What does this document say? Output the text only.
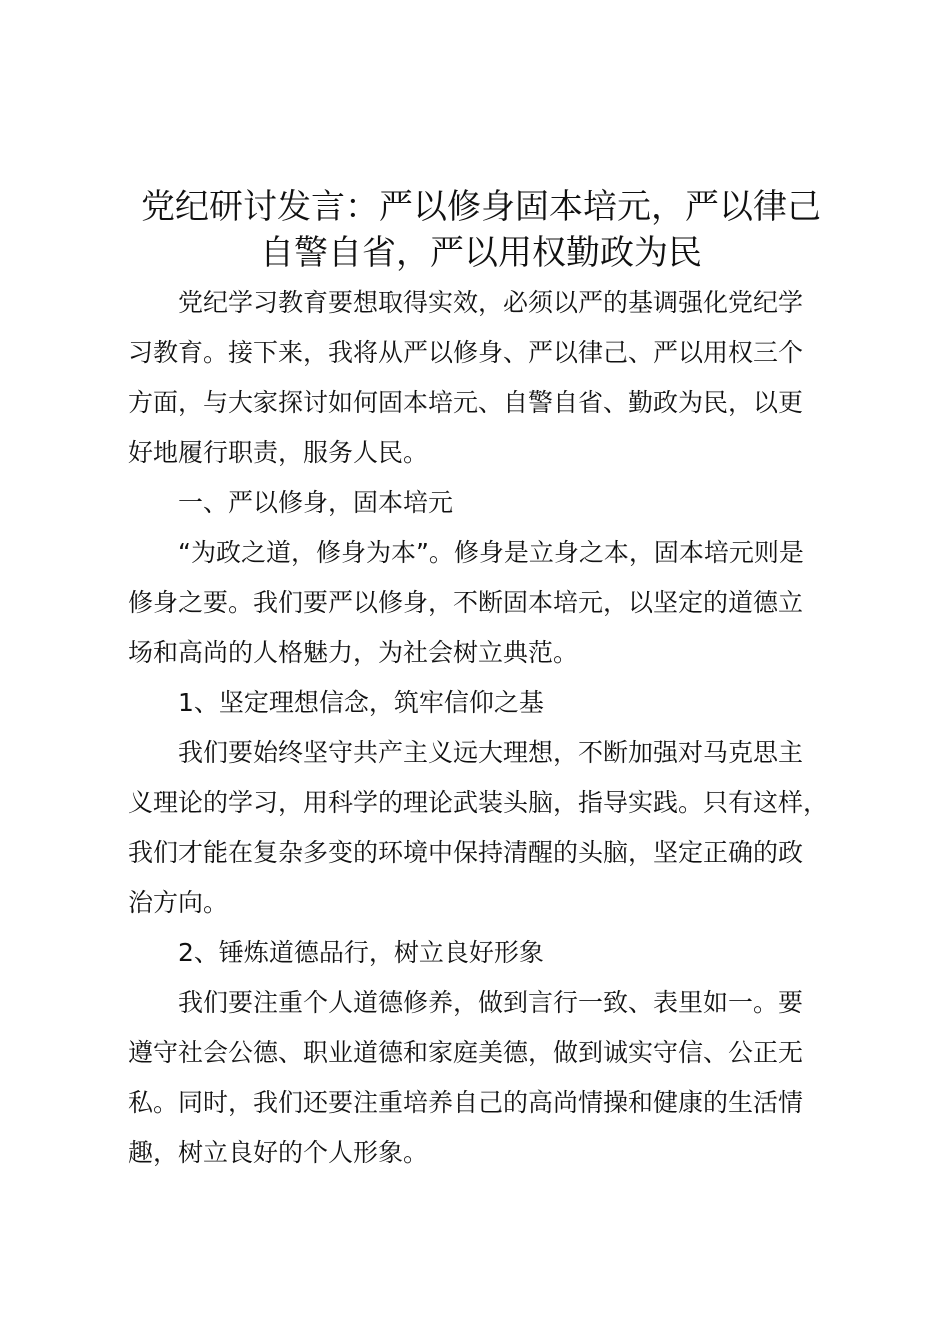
党纪研讨发言：严以修身固本培元，严以律己
自警自省，严以用权勤政为民

党纪学习教育要想取得实效，必须以严的基调强化党纪学
习教育。接下来，我将从严以修身、严以律己、严以用权三个
方面，与大家探讨如何固本培元、自警自省、勤政为民，以更
好地履行职责，服务人民。

一、严以修身，固本培元

“为政之道，修身为本”。修身是立身之本，固本培元则是
修身之要。我们要严以修身，不断固本培元，以坚定的道德立
场和高尚的人格魅力，为社会树立典范。

1、坚定理想信念，筑牢信仰之基

我们要始终坚守共产主义远大理想，不断加强对马克思主
义理论的学习，用科学的理论武装头脑，指导实践。只有这样，
我们才能在复杂多变的环境中保持清醒的头脑，坚定正确的政
治方向。

2、锤炼道德品行，树立良好形象

我们要注重个人道德修养，做到言行一致、表里如一。要
遵守社会公德、职业道德和家庭美德，做到诚实守信、公正无
私。同时，我们还要注重培养自己的高尚情操和健康的生活情
趣，树立良好的个人形象。
